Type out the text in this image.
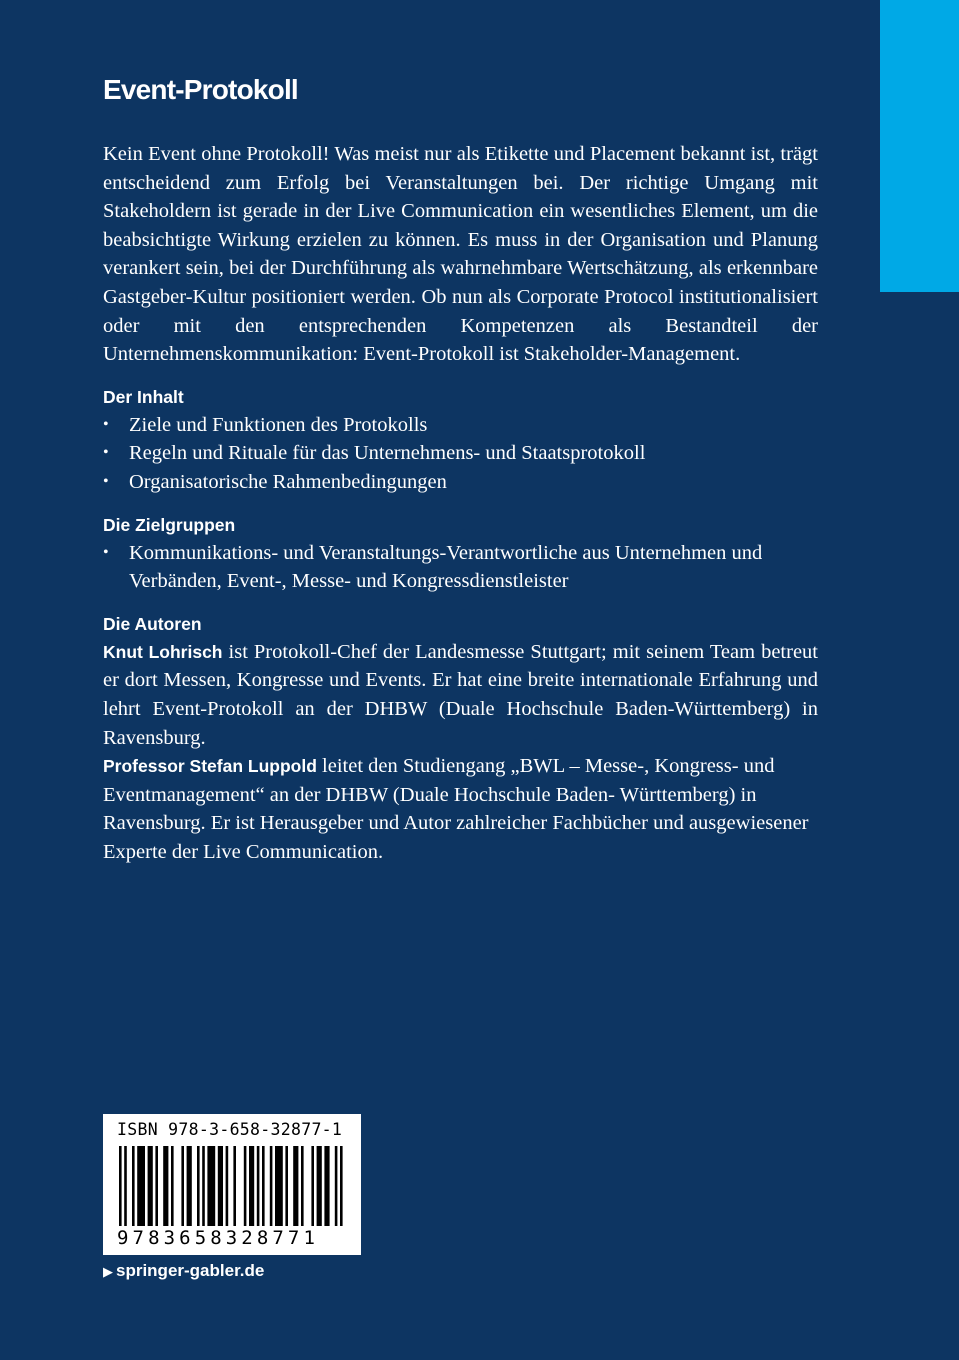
Event-Protokoll

Kein Event ohne Protokoll! Was meist nur als Etikette und Placement bekannt ist, trägt entscheidend zum Erfolg bei Veranstaltungen bei. Der richtige Umgang mit Stakeholdern ist gerade in der Live Communication ein wesentliches Element, um die beabsichtigte Wirkung erzielen zu können. Es muss in der Organisation und Planung verankert sein, bei der Durchführung als wahrnehmbare Wertschätzung, als erkennbare Gastgeber-Kultur positioniert werden. Ob nun als Corporate Protocol institutionalisiert oder mit den entsprechenden Kompetenzen als Bestandteil der Unternehmenskommunikation: Event-Protokoll ist Stakeholder-Management.

Der Inhalt
• Ziele und Funktionen des Protokolls
• Regeln und Rituale für das Unternehmens- und Staatsprotokoll
• Organisatorische Rahmenbedingungen
Die Zielgruppen
• Kommunikations- und Veranstaltungs-Verantwortliche aus Unternehmen und Verbänden, Event-, Messe- und Kongressdienstleister
Die Autoren

Knut Lohrisch ist Protokoll-Chef der Landesmesse Stuttgart; mit seinem Team betreut er dort Messen, Kongresse und Events. Er hat eine breite internationale Erfahrung und lehrt Event-Protokoll an der DHBW (Duale Hochschule Baden-Württemberg) in Ravensburg.

Professor Stefan Luppold leitet den Studiengang „BWL – Messe-, Kongress- und Eventmanagement“ an der DHBW (Duale Hochschule Baden- Württemberg) in Ravensburg. Er ist Herausgeber und Autor zahlreicher Fachbücher und ausgewiesener Experte der Live Communication.

ISBN 978-3-658-32877-1
9783658328771
▶ springer-gabler.de
